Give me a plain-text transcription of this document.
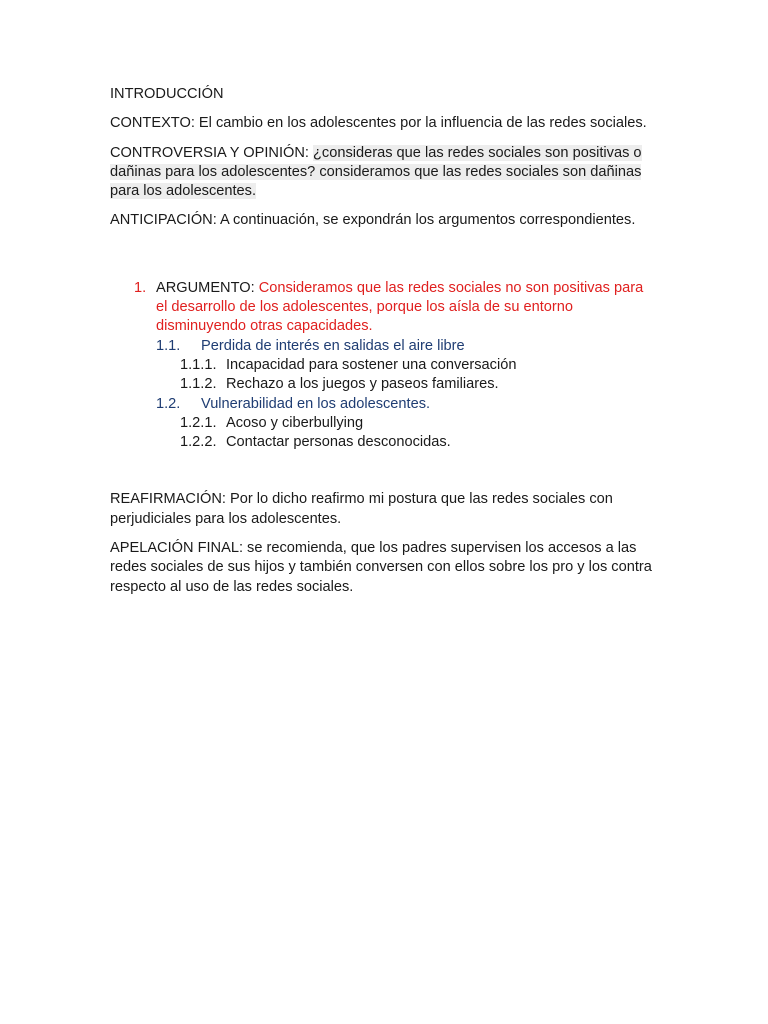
INTRODUCCIÓN

CONTEXTO: El cambio en los adolescentes por la influencia de las redes sociales.

CONTROVERSIA Y OPINIÓN: ¿consideras que las redes sociales son positivas o dañinas para los adolescentes? consideramos que las redes sociales son dañinas para los adolescentes.

ANTICIPACIÓN: A continuación, se expondrán los argumentos correspondientes.

1. ARGUMENTO: Consideramos que las redes sociales no son positivas para el desarrollo de los adolescentes, porque los aísla de su entorno disminuyendo otras capacidades.
1.1. Perdida de interés en salidas el aire libre
1.1.1. Incapacidad para sostener una conversación
1.1.2. Rechazo a los juegos y paseos familiares.
1.2. Vulnerabilidad en los adolescentes.
1.2.1. Acoso y ciberbullying
1.2.2. Contactar personas desconocidas.

REAFIRMACIÓN: Por lo dicho reafirmo mi postura que las redes sociales con perjudiciales para los adolescentes.

APELACIÓN FINAL: se recomienda, que los padres supervisen los accesos a las redes sociales de sus hijos y también conversen con ellos sobre los pro y los contra respecto al uso de las redes sociales.
